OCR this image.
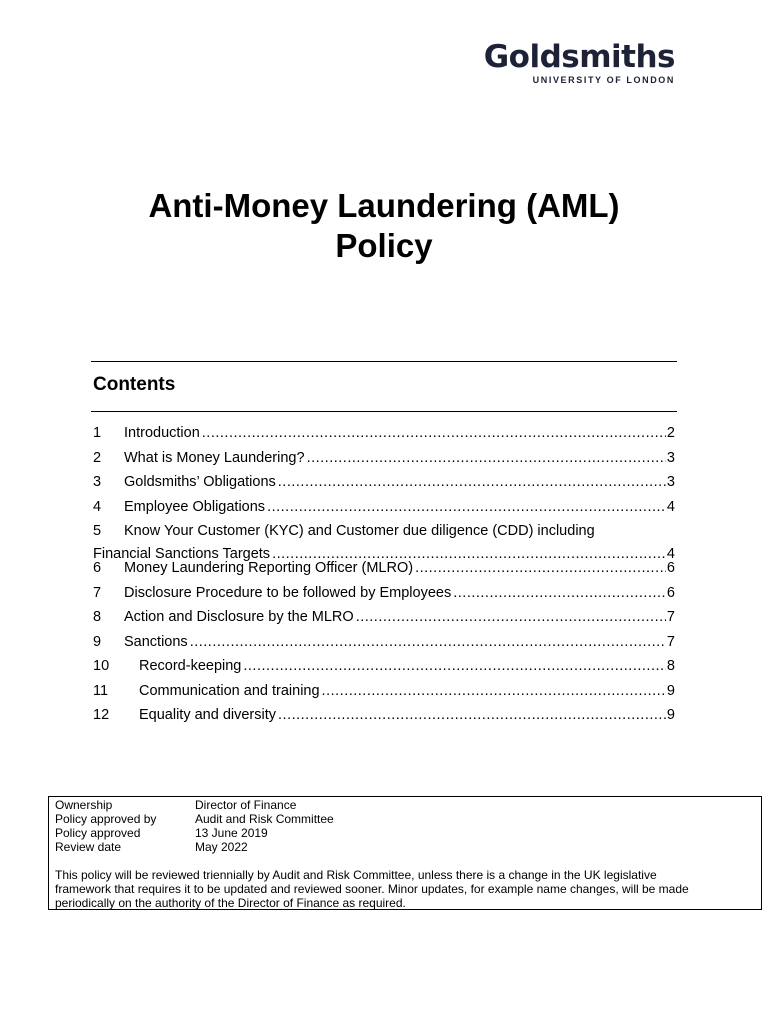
Goldsmiths
UNIVERSITY OF LONDON
Anti-Money Laundering (AML)
Policy
Contents
1	Introduction .....	2
2	What is Money Laundering? .....	3
3	Goldsmiths’ Obligations .....	3
4	Employee Obligations .....	4
5	Know Your Customer (KYC) and Customer due diligence (CDD) including
Financial Sanctions Targets .....	4
6	Money Laundering Reporting Officer (MLRO) .....	6
7	Disclosure Procedure to be followed by Employees .....	6
8	Action and Disclosure by the MLRO .....	7
9	Sanctions .....	7
10	Record-keeping .....	8
11	Communication and training .....	9
12	Equality and diversity .....	9
Ownership	Director of Finance
Policy approved by	Audit and Risk Committee
Policy approved	13 June 2019
Review date	May 2022
This policy will be reviewed triennially by Audit and Risk Committee, unless there is a change in the UK legislative framework that requires it to be updated and reviewed sooner. Minor updates, for example name changes, will be made periodically on the authority of the Director of Finance as required.
